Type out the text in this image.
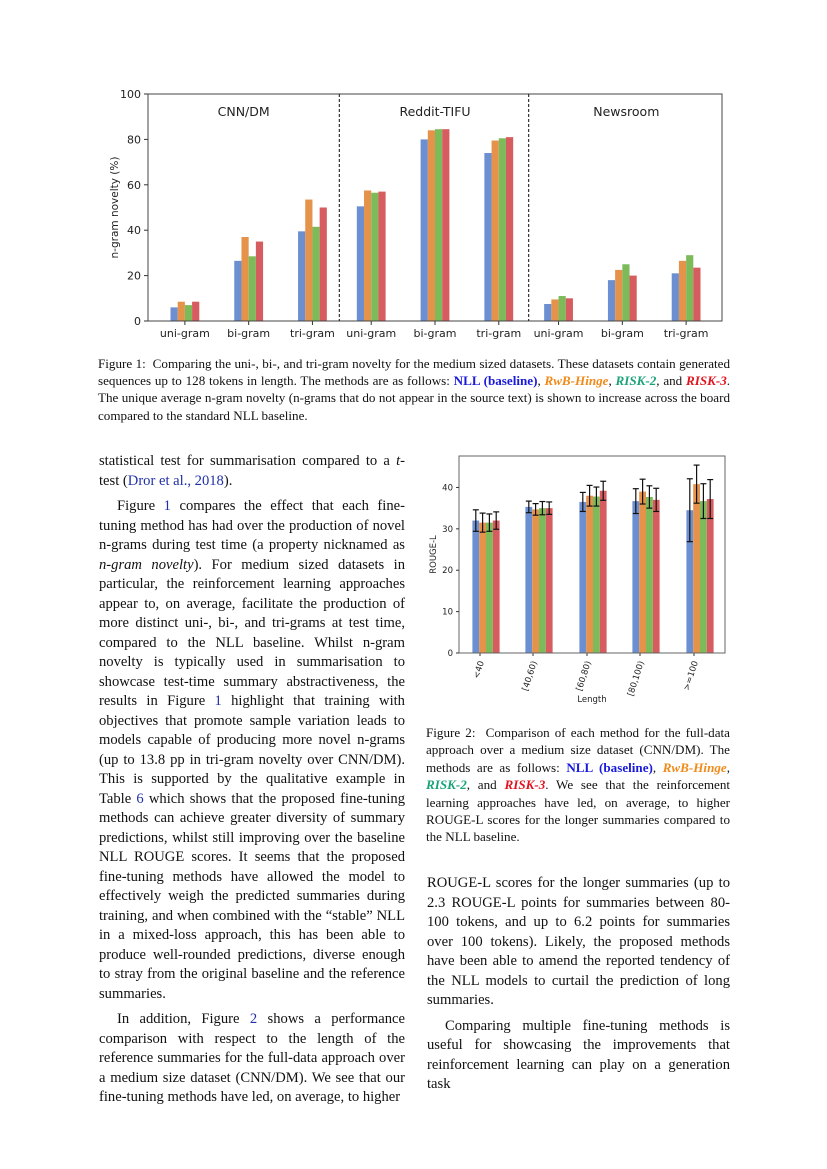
uni-gram bi-gram tri-gram uni-gram bi-gram tri-gram uni-gram bi-gram tri-gram
CNN/DM	Reddit-TIFU	Newsroom
0
20
40
60
80
100
n-gram novelty (%)
Figure 1: Comparing the uni-, bi-, and tri-gram novelty for the medium sized datasets. These datasets contain generated sequences up to 128 tokens in length. The methods are as follows: NLL (baseline), RwB-Hinge, RISK-2, and RISK-3. The unique average n-gram novelty (n-grams that do not appear in the source text) is shown to increase across the board compared to the standard NLL baseline.

statistical test for summarisation compared to a t-test (Dror et al., 2018).

Figure 1 compares the effect that each fine-tuning method has had over the production of novel n-grams during test time (a property nicknamed as n-gram novelty). For medium sized datasets in particular, the reinforcement learning approaches appear to, on average, facilitate the production of more distinct uni-, bi-, and tri-grams at test time, compared to the NLL baseline. Whilst n-gram novelty is typically used in summarisation to showcase test-time summary abstractiveness, the results in Figure 1 highlight that training with objectives that promote sample variation leads to models capable of producing more novel n-grams (up to 13.8 pp in tri-gram novelty over CNN/DM). This is supported by the qualitative example in Table 6 which shows that the proposed fine-tuning methods can achieve greater diversity of summary predictions, whilst still improving over the baseline NLL ROUGE scores. It seems that the proposed fine-tuning methods have allowed the model to effectively weigh the predicted summaries during training, and when combined with the “stable” NLL in a mixed-loss approach, this has been able to produce well-rounded predictions, diverse enough to stray from the original baseline and the reference summaries.

In addition, Figure 2 shows a performance comparison with respect to the length of the reference summaries for the full-data approach over a medium size dataset (CNN/DM). We see that our fine-tuning methods have led, on average, to higher

<40	[40,60)	[60,80)	[80,100)	>=100
0
10
20
30
40
ROUGE-L
Length
Figure 2: Comparison of each method for the full-data approach over a medium size dataset (CNN/DM). The methods are as follows: NLL (baseline), RwB-Hinge, RISK-2, and RISK-3. We see that the reinforcement learning approaches have led, on average, to higher ROUGE-L scores for the longer summaries compared to the NLL baseline.

ROUGE-L scores for the longer summaries (up to 2.3 ROUGE-L points for summaries between 80-100 tokens, and up to 6.2 points for summaries over 100 tokens). Likely, the proposed methods have been able to amend the reported tendency of the NLL models to curtail the prediction of long summaries.

Comparing multiple fine-tuning methods is useful for showcasing the improvements that reinforcement learning can play on a generation task
